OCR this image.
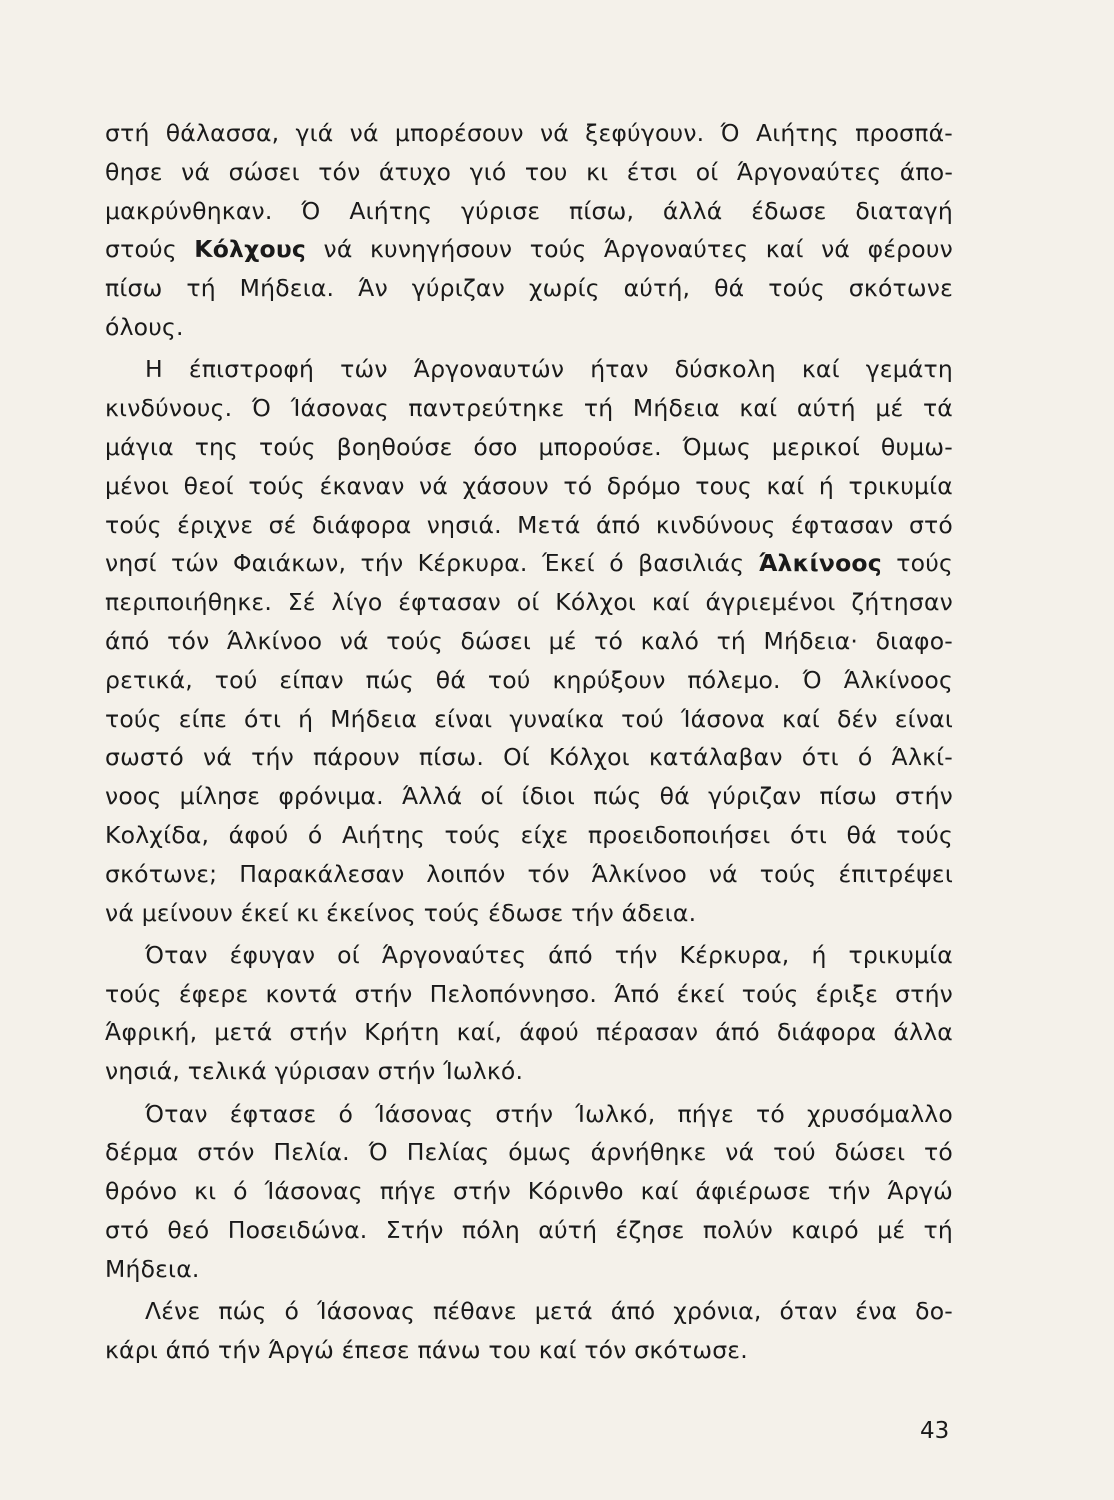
στή θάλασσα, γιά νά μπορέσουν νά ξεφύγουν. Ό Αιήτης προσπά-
θησε νά σώσει τόν άτυχο γιό του κι έτσι οί Άργοναύτες άπο-
μακρύνθηκαν. Ό Αιήτης γύρισε πίσω, άλλά έδωσε διαταγή
στούς Κόλχους νά κυνηγήσουν τούς Άργοναύτες καί νά φέρουν
πίσω τή Μήδεια. Άν γύριζαν χωρίς αύτή, θά τούς σκότωνε
όλους.
Η έπιστροφή τών Άργοναυτών ήταν δύσκολη καί γεμάτη
κινδύνους. Ό Ίάσονας παντρεύτηκε τή Μήδεια καί αύτή μέ τά
μάγια της τούς βοηθούσε όσο μπορούσε. Όμως μερικοί θυμω-
μένοι θεοί τούς έκαναν νά χάσουν τό δρόμο τους καί ή τρικυμία
τούς έριχνε σέ διάφορα νησιά. Μετά άπό κινδύνους έφτασαν στό
νησί τών Φαιάκων, τήν Κέρκυρα. Έκεί ό βασιλιάς Άλκίνοος τούς
περιποιήθηκε. Σέ λίγο έφτασαν οί Κόλχοι καί άγριεμένοι ζήτησαν
άπό τόν Άλκίνοο νά τούς δώσει μέ τό καλό τή Μήδεια· διαφο-
ρετικά, τού είπαν πώς θά τού κηρύξουν πόλεμο. Ό Άλκίνοος
τούς είπε ότι ή Μήδεια είναι γυναίκα τού Ίάσονα καί δέν είναι
σωστό νά τήν πάρουν πίσω. Οί Κόλχοι κατάλαβαν ότι ό Άλκί-
νοος μίλησε φρόνιμα. Άλλά οί ίδιοι πώς θά γύριζαν πίσω στήν
Κολχίδα, άφού ό Αιήτης τούς είχε προειδοποιήσει ότι θά τούς
σκότωνε; Παρακάλεσαν λοιπόν τόν Άλκίνοο νά τούς έπιτρέψει
νά μείνουν έκεί κι έκείνος τούς έδωσε τήν άδεια.
Όταν έφυγαν οί Άργοναύτες άπό τήν Κέρκυρα, ή τρικυμία
τούς έφερε κοντά στήν Πελοπόννησο. Άπό έκεί τούς έριξε στήν
Άφρική, μετά στήν Κρήτη καί, άφού πέρασαν άπό διάφορα άλλα
νησιά, τελικά γύρισαν στήν Ίωλκό.
Όταν έφτασε ό Ίάσονας στήν Ίωλκό, πήγε τό χρυσόμαλλο
δέρμα στόν Πελία. Ό Πελίας όμως άρνήθηκε νά τού δώσει τό
θρόνο κι ό Ίάσονας πήγε στήν Κόρινθο καί άφιέρωσε τήν Άργώ
στό θεό Ποσειδώνα. Στήν πόλη αύτή έζησε πολύν καιρό μέ τή
Μήδεια.
Λένε πώς ό Ίάσονας πέθανε μετά άπό χρόνια, όταν ένα δο-
κάρι άπό τήν Άργώ έπεσε πάνω του καί τόν σκότωσε.
43
